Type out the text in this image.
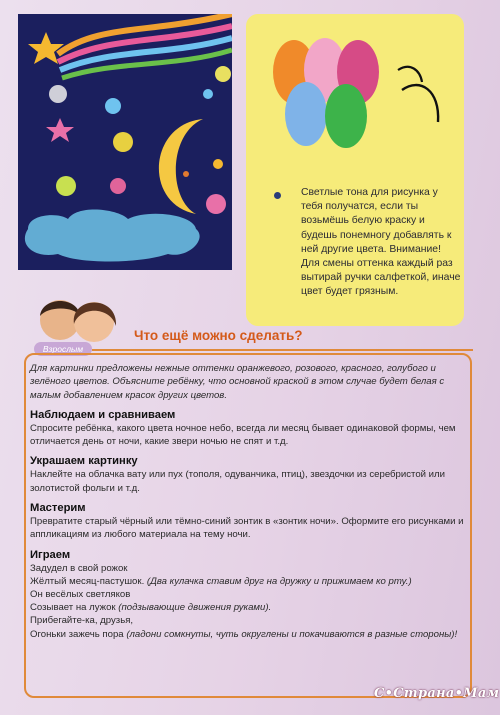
Светлые тона для рисунка у тебя получатся, если ты возьмёшь белую краску и будешь понемногу добавлять к ней другие цвета. Внимание! Для смены оттенка каждый раз вытирай ручки салфеткой, иначе цвет будет грязным.

Взрослым
Что ещё можно сделать?

Для картинки предложены нежные оттенки оранжевого, розового, красного, голубого и зелёного цветов. Объясните ребёнку, что основной краской в этом случае будет белая с малым добавлением красок других цветов.

Наблюдаем и сравниваем

Спросите ребёнка, какого цвета ночное небо, всегда ли месяц бывает одинаковой формы, чем отличается день от ночи, какие звери ночью не спят и т.д.

Украшаем картинку

Наклейте на облачка вату или пух (тополя, одуванчика, птиц), звездочки из серебристой или золотистой фольги и т.д.

Мастерим

Превратите старый чёрный или тёмно-синий зонтик в «зонтик ночи». Оформите его рисунками и аппликациям из любого материала на тему ночи.

Играем

Задудел в свой рожок

Жёлтый месяц-пастушок. (Два кулачка ставим друг на дружку и прижимаем ко рту.)

Он весёлых светляков

Созывает на лужок (подзывающие движения руками).

Прибегайте-ка, друзья,

Огоньки зажечь пора (ладони сомкнуты, чуть округлены и покачиваются в разные стороны)!

С•Страна•Мам
